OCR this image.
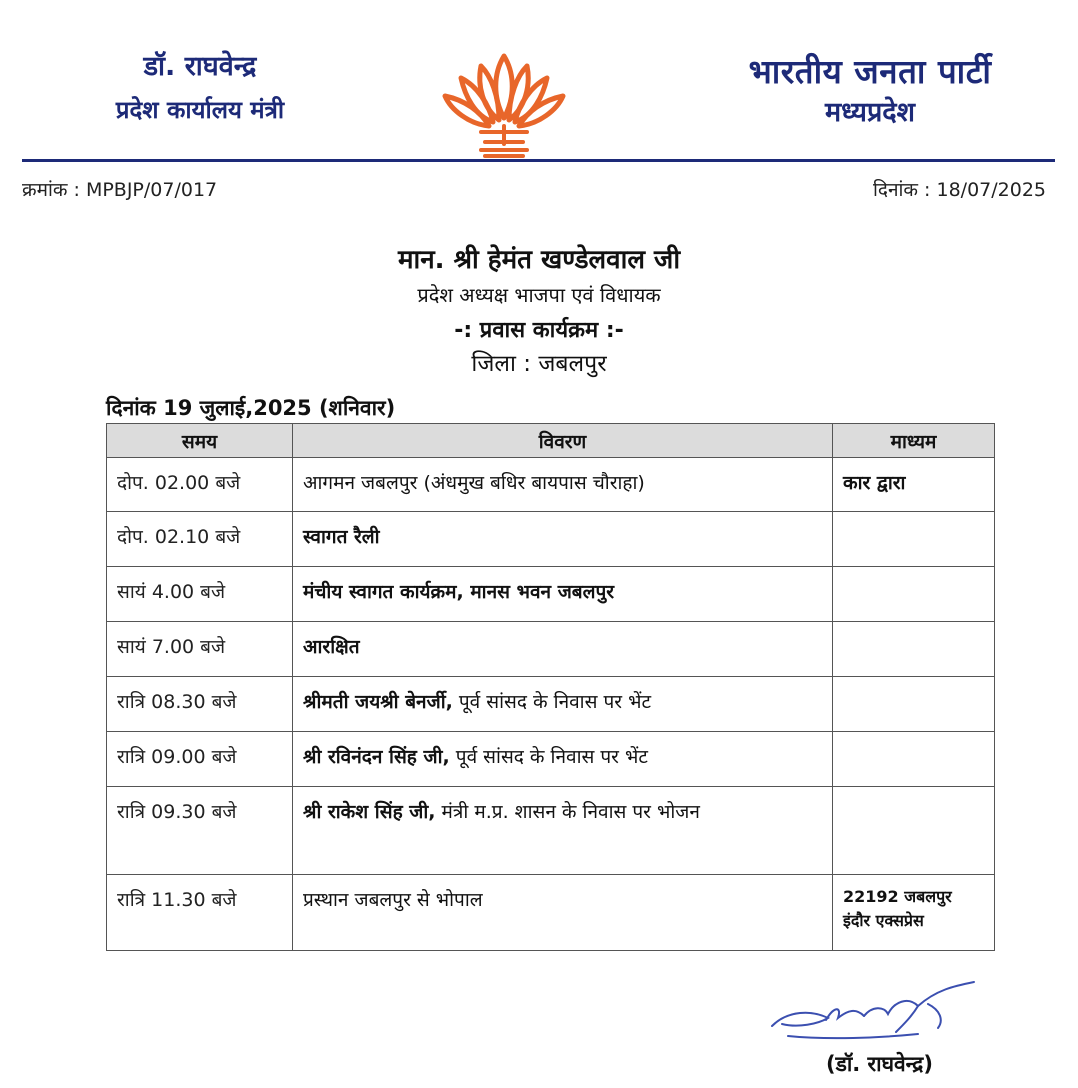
डॉ. राघवेन्द्र
प्रदेश कार्यालय मंत्री
भारतीय जनता पार्टी
मध्यप्रदेश
क्रमांक : MPBJP/07/017	दिनांक : 18/07/2025
मान. श्री हेमंत खण्डेलवाल जी
प्रदेश अध्यक्ष भाजपा एवं विधायक
-: प्रवास कार्यक्रम :-
जिला : जबलपुर
दिनांक 19 जुलाई,2025 (शनिवार)
समय	विवरण	माध्यम
दोप. 02.00 बजे	आगमन जबलपुर (अंधमुख बधिर बायपास चौराहा)	कार द्वारा
दोप. 02.10 बजे	स्वागत रैली	
सायं 4.00 बजे	मंचीय स्वागत कार्यक्रम, मानस भवन जबलपुर	
सायं 7.00 बजे	आरक्षित	
रात्रि 08.30 बजे	श्रीमती जयश्री बेनर्जी, पूर्व सांसद के निवास पर भेंट	
रात्रि 09.00 बजे	श्री रविनंदन सिंह जी, पूर्व सांसद के निवास पर भेंट	
रात्रि 09.30 बजे	श्री राकेश सिंह जी, मंत्री म.प्र. शासन के निवास पर भोजन	
रात्रि 11.30 बजे	प्रस्थान जबलपुर से भोपाल	22192 जबलपुर
इंदौर एक्सप्रेस
(डॉ. राघवेन्द्र)
